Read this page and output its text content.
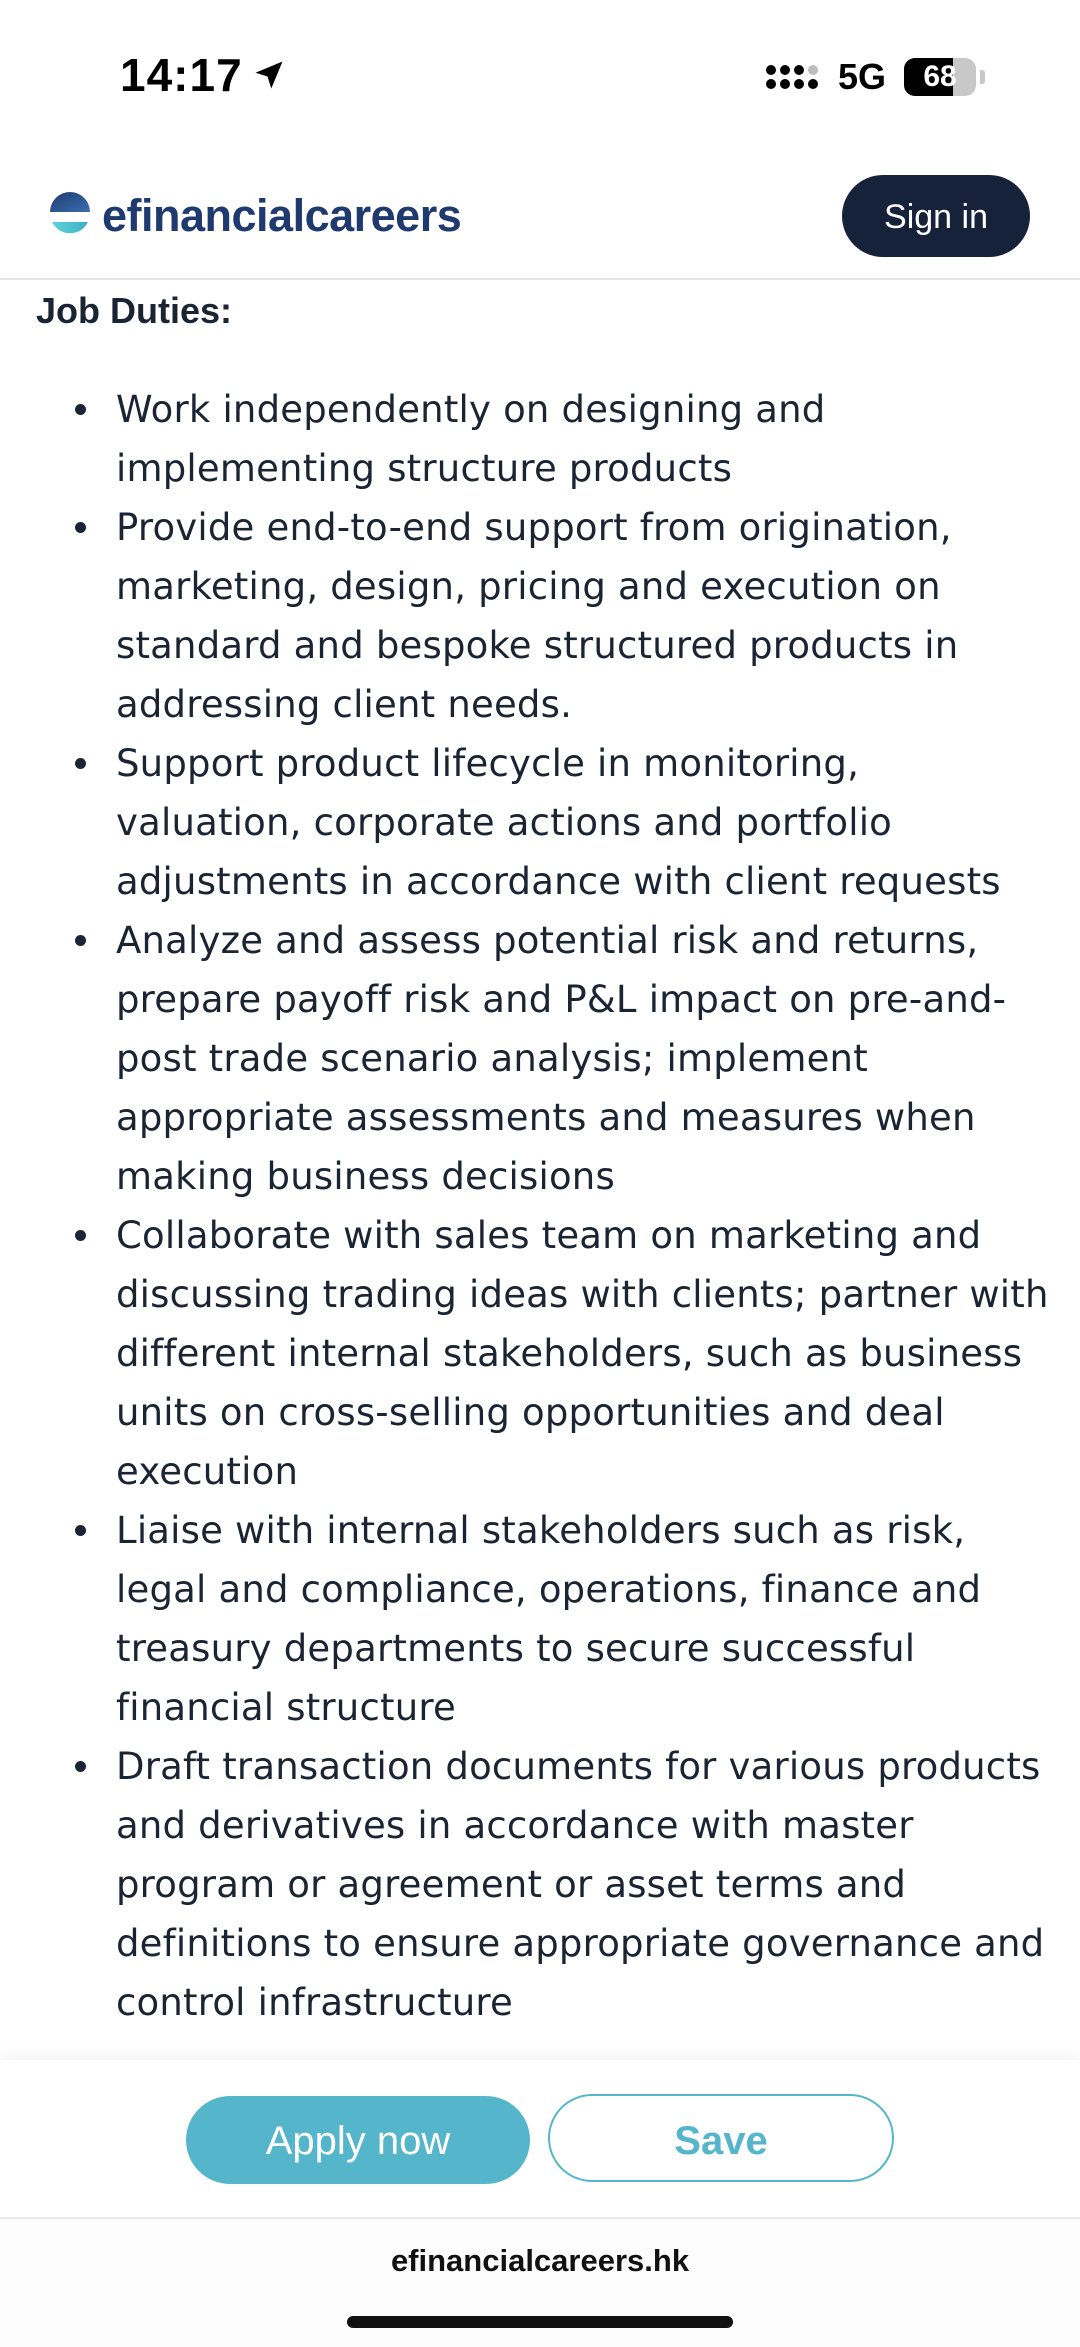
14:17	5G	68
efinancialcareers	Sign in
Job Duties:
Work independently on designing and implementing structure products
Provide end-to-end support from origination, marketing, design, pricing and execution on standard and bespoke structured products in addressing client needs.
Support product lifecycle in monitoring, valuation, corporate actions and portfolio adjustments in accordance with client requests
Analyze and assess potential risk and returns, prepare payoff risk and P&L impact on pre-and-post trade scenario analysis; implement appropriate assessments and measures when making business decisions
Collaborate with sales team on marketing and discussing trading ideas with clients; partner with different internal stakeholders, such as business units on cross-selling opportunities and deal execution
Liaise with internal stakeholders such as risk, legal and compliance, operations, finance and treasury departments to secure successful financial structure
Draft transaction documents for various products and derivatives in accordance with master program or agreement or asset terms and definitions to ensure appropriate governance and control infrastructure
Apply now	Save
efinancialcareers.hk
